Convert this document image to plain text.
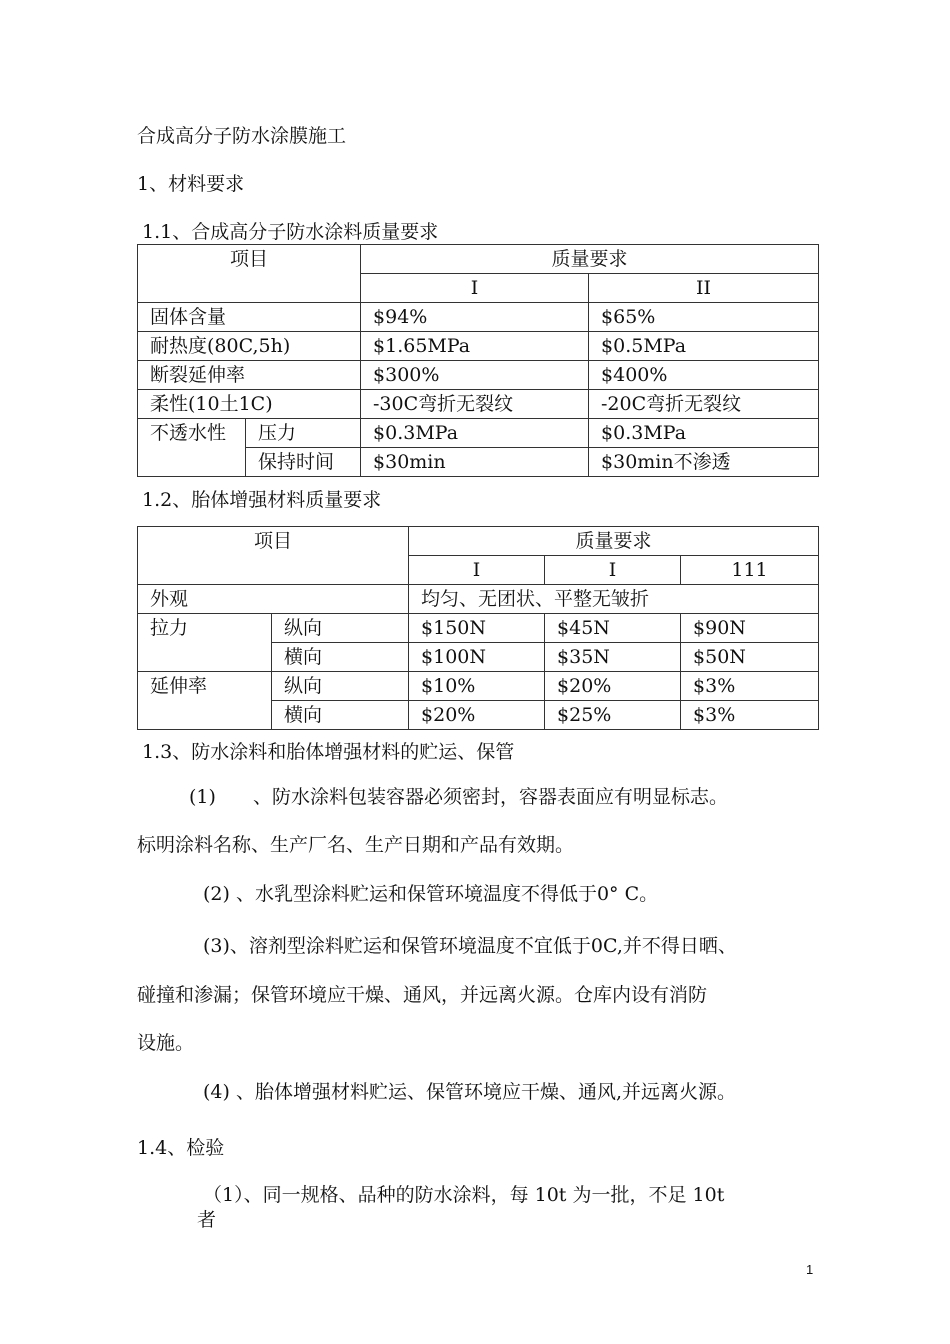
合成高分子防水涂膜施工
1、材料要求
1.1、合成高分子防水涂料质量要求
项目		质量要求	
		I	II
固体含量		$94%	$65%
耐热度(80C,5h)		$1.65MPa	$0.5MPa
断裂延伸率		$300%	$400%
柔性(10土1C)		-30C弯折无裂纹	-20C弯折无裂纹
不透水性	压力	$0.3MPa	$0.3MPa
	保持时间	$30min	$30min不渗透
1.2、胎体增强材料质量要求
项目		质量要求		
		I	I	111
外观		均匀、无团状、平整无皱折		
拉力	纵向	$150N	$45N	$90N
	横向	$100N	$35N	$50N
延伸率	纵向	$10%	$20%	$3%
	横向	$20%	$25%	$3%
1.3、防水涂料和胎体增强材料的贮运、保管
(1) 、防水涂料包装容器必须密封，容器表面应有明显标志。
标明涂料名称、生产厂名、生产日期和产品有效期。
(2) 、水乳型涂料贮运和保管环境温度不得低于0° C。
(3)、溶剂型涂料贮运和保管环境温度不宜低于0C,并不得日晒、
碰撞和渗漏；保管环境应干燥、通风，并远离火源。仓库内设有消防
设施。
(4) 、胎体增强材料贮运、保管环境应干燥、通风,并远离火源。
1.4、检验
（1）、同一规格、品种的防水涂料，每 10t 为一批，不足 10t
者
1
